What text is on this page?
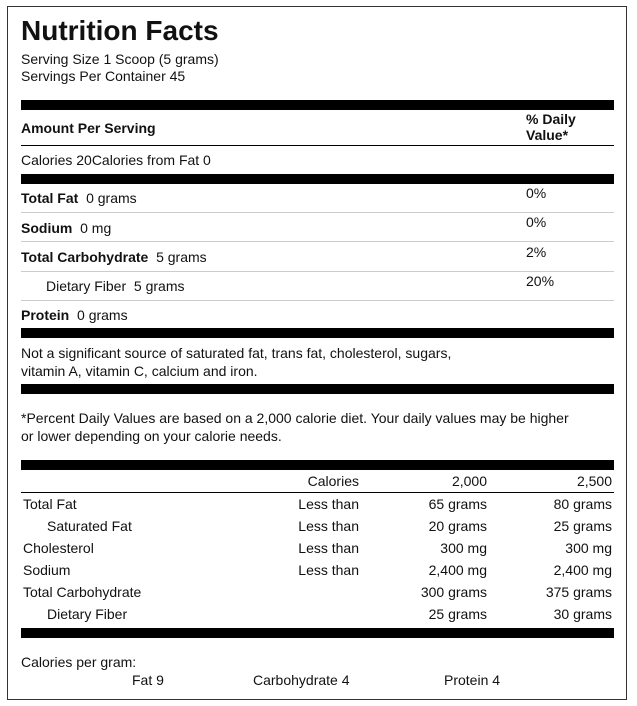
Nutrition Facts
Serving Size 1 Scoop (5 grams)
Servings Per Container 45
Amount Per Serving
% Daily
Value*
Calories 20Calories from Fat 0
Total Fat 0 grams	0%
Sodium 0 mg	0%
Total Carbohydrate 5 grams	2%
Dietary Fiber 5 grams	20%
Protein 0 grams
Not a significant source of saturated fat, trans fat, cholesterol, sugars,
vitamin A, vitamin C, calcium and iron.
*Percent Daily Values are based on a 2,000 calorie diet. Your daily values may be higher
or lower depending on your calorie needs.
	Calories	2,000	2,500
Total Fat	Less than	65 grams	80 grams
Saturated Fat	Less than	20 grams	25 grams
Cholesterol	Less than	300 mg	300 mg
Sodium	Less than	2,400 mg	2,400 mg
Total Carbohydrate		300 grams	375 grams
Dietary Fiber		25 grams	30 grams
Calories per gram:
Fat 9	Carbohydrate 4	Protein 4
